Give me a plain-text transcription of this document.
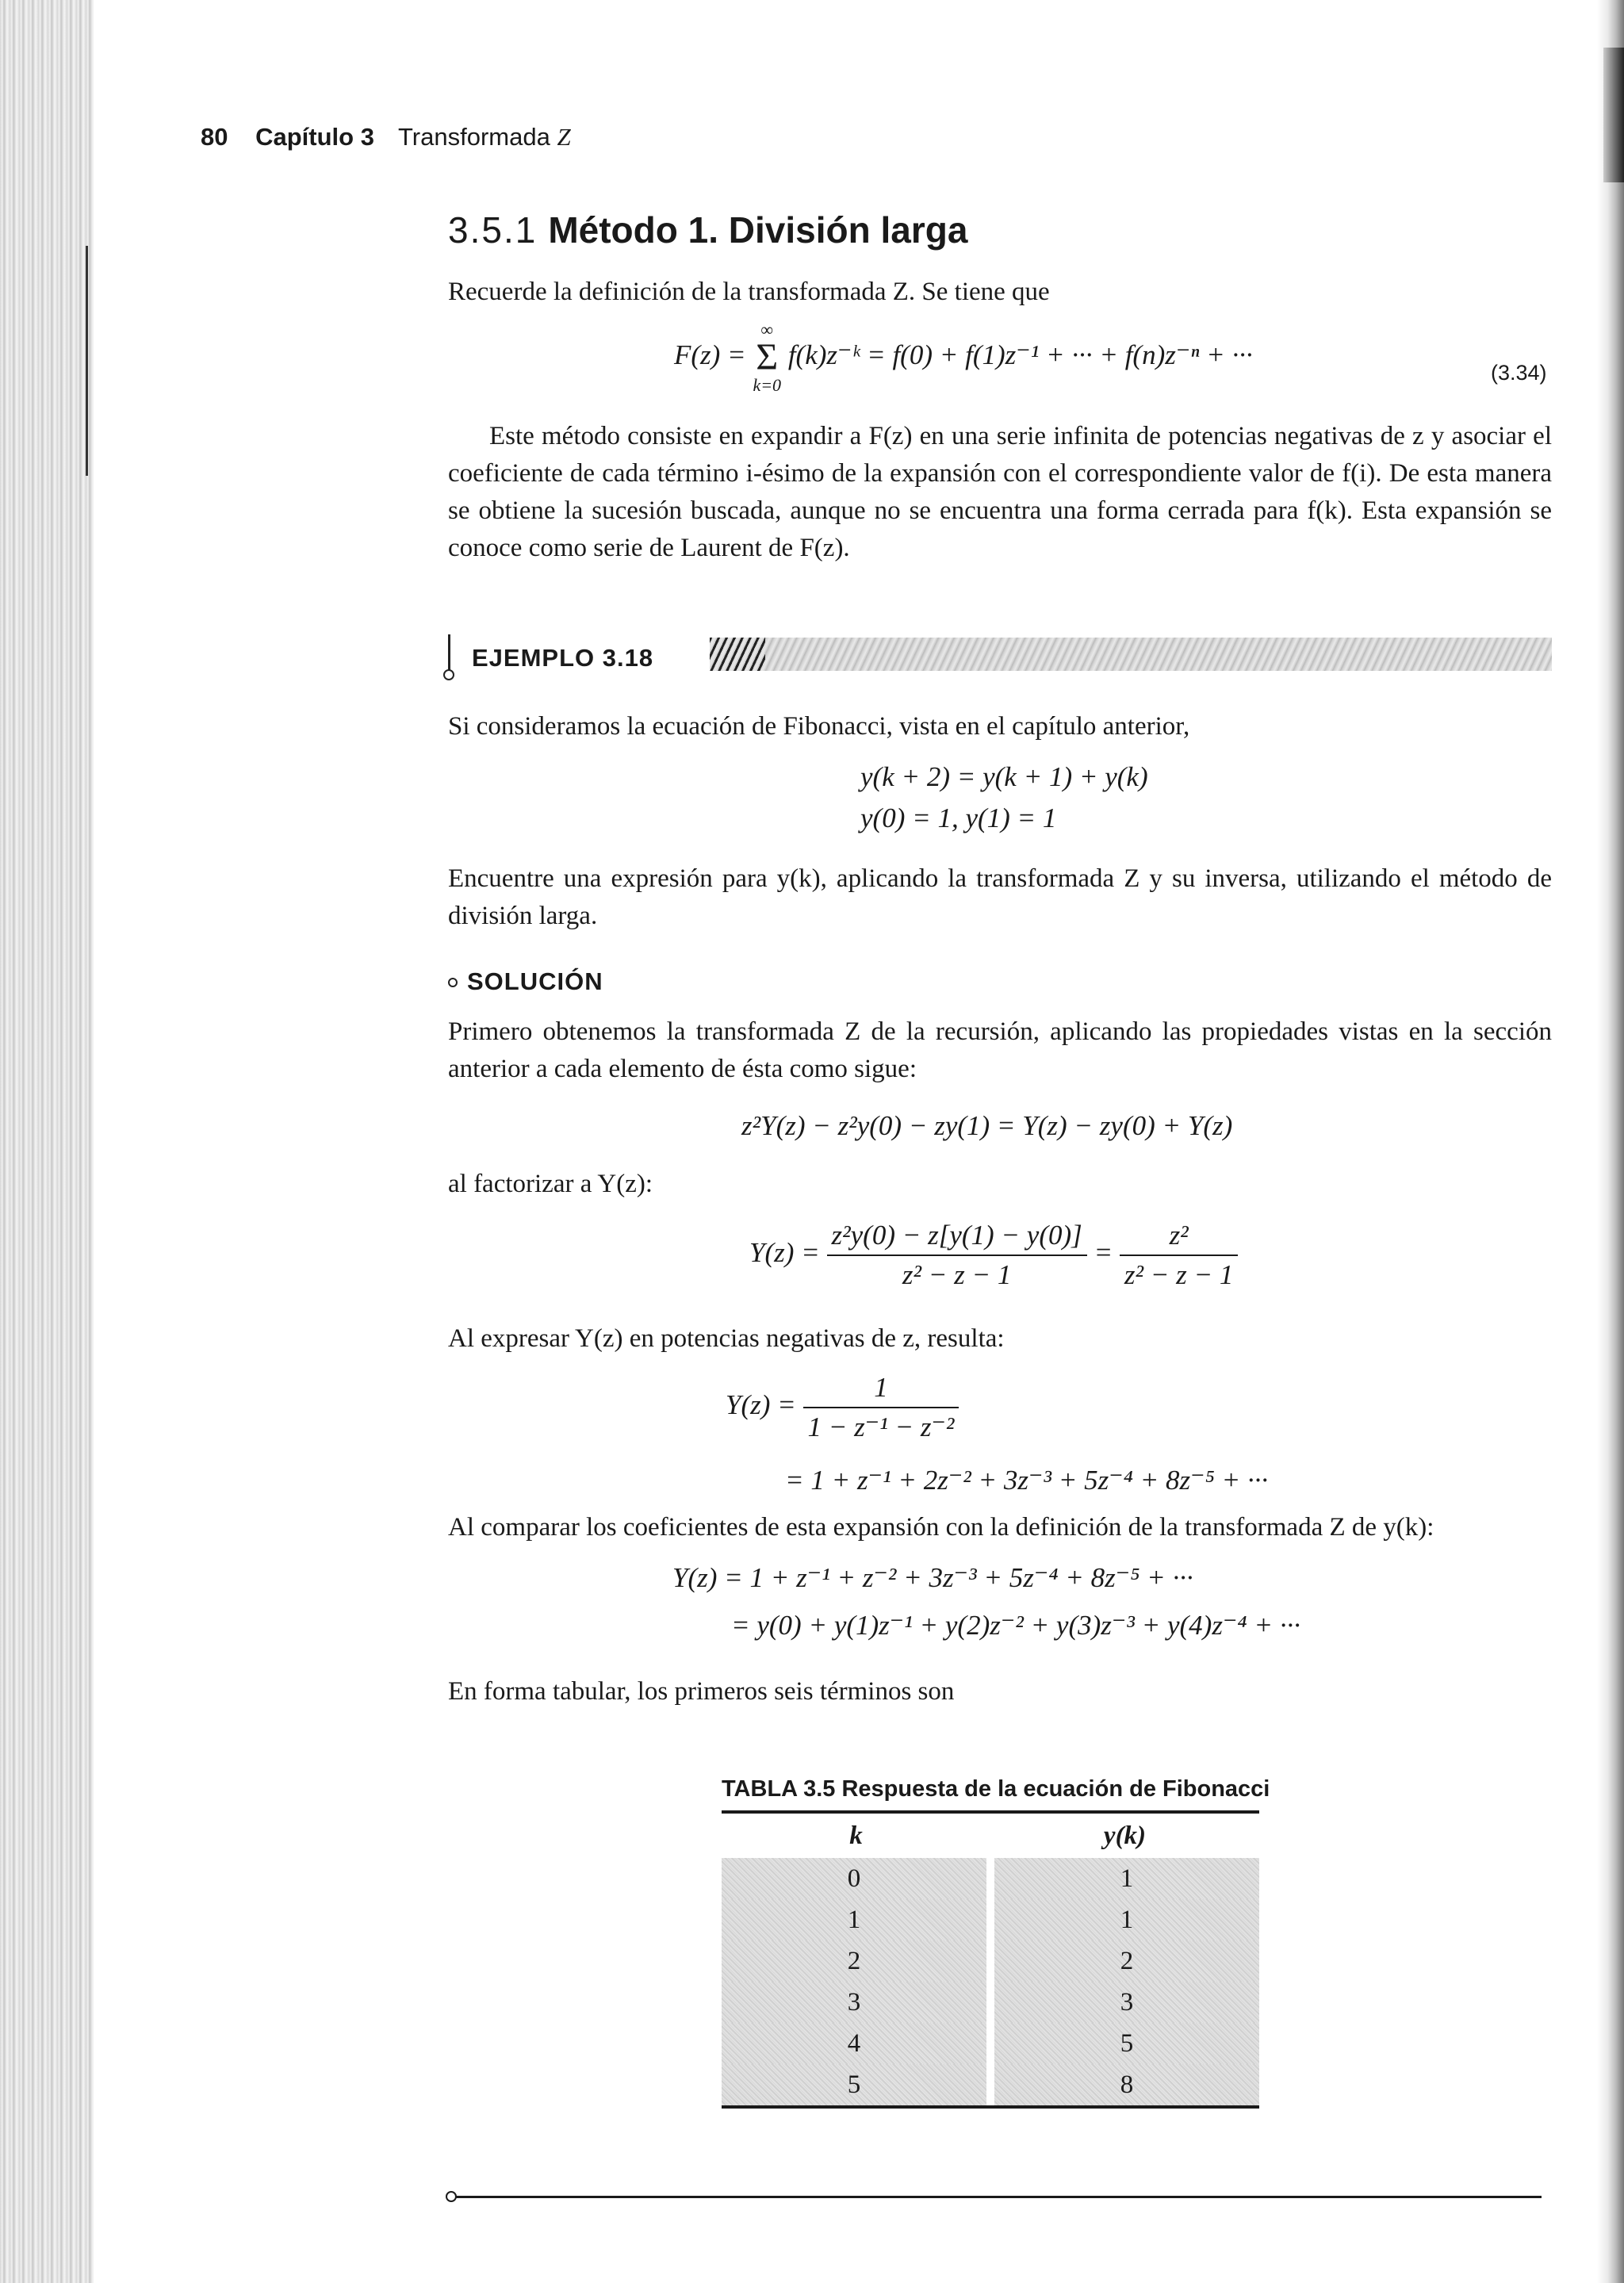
80 Capítulo 3 Transformada Z
3.5.1 Método 1. División larga

Recuerde la definición de la transformada Z. Se tiene que

F(z) =
∞
Σ
k=0
f(k)z⁻ᵏ = f(0) + f(1)z⁻¹ + ··· + f(n)z⁻ⁿ + ···
(3.34)

Este método consiste en expandir a F(z) en una serie infinita de potencias negativas de z y asociar el coeficiente de cada término i-ésimo de la expansión con el correspondiente valor de f(i). De esta manera se obtiene la sucesión buscada, aunque no se encuentra una forma cerrada para f(k). Esta expansión se conoce como serie de Laurent de F(z).

EJEMPLO 3.18

Si consideramos la ecuación de Fibonacci, vista en el capítulo anterior,

y(k + 2) = y(k + 1) + y(k)
y(0) = 1, y(1) = 1

Encuentre una expresión para y(k), aplicando la transformada Z y su inversa, utilizando el método de división larga.

SOLUCIÓN

Primero obtenemos la transformada Z de la recursión, aplicando las propiedades vistas en la sección anterior a cada elemento de ésta como sigue:

z²Y(z) − z²y(0) − zy(1) = Y(z) − zy(0) + Y(z)

al factorizar a Y(z):

$Y(z) = \frac{\text{z²y(0) − z[y(1) − y(0)]}}{\text{z² − z − 1}} = \frac{\text{z²}}{\text{z² − z − 1}}$

Al expresar Y(z) en potencias negativas de z, resulta:

$Y(z) = \frac{1}{\text{1 − z⁻¹ − z⁻²}}$
= 1 + z⁻¹ + 2z⁻² + 3z⁻³ + 5z⁻⁴ + 8z⁻⁵ + ···

Al comparar los coeficientes de esta expansión con la definición de la transformada Z de y(k):

Y(z) = 1 + z⁻¹ + z⁻² + 3z⁻³ + 5z⁻⁴ + 8z⁻⁵ + ···
= y(0) + y(1)z⁻¹ + y(2)z⁻² + y(3)z⁻³ + y(4)z⁻⁴ + ···

En forma tabular, los primeros seis términos son

TABLA 3.5 Respuesta de la ecuación de Fibonacci
k	y(k)
0	1
1	1
2	2
3	3
4	5
5	8
